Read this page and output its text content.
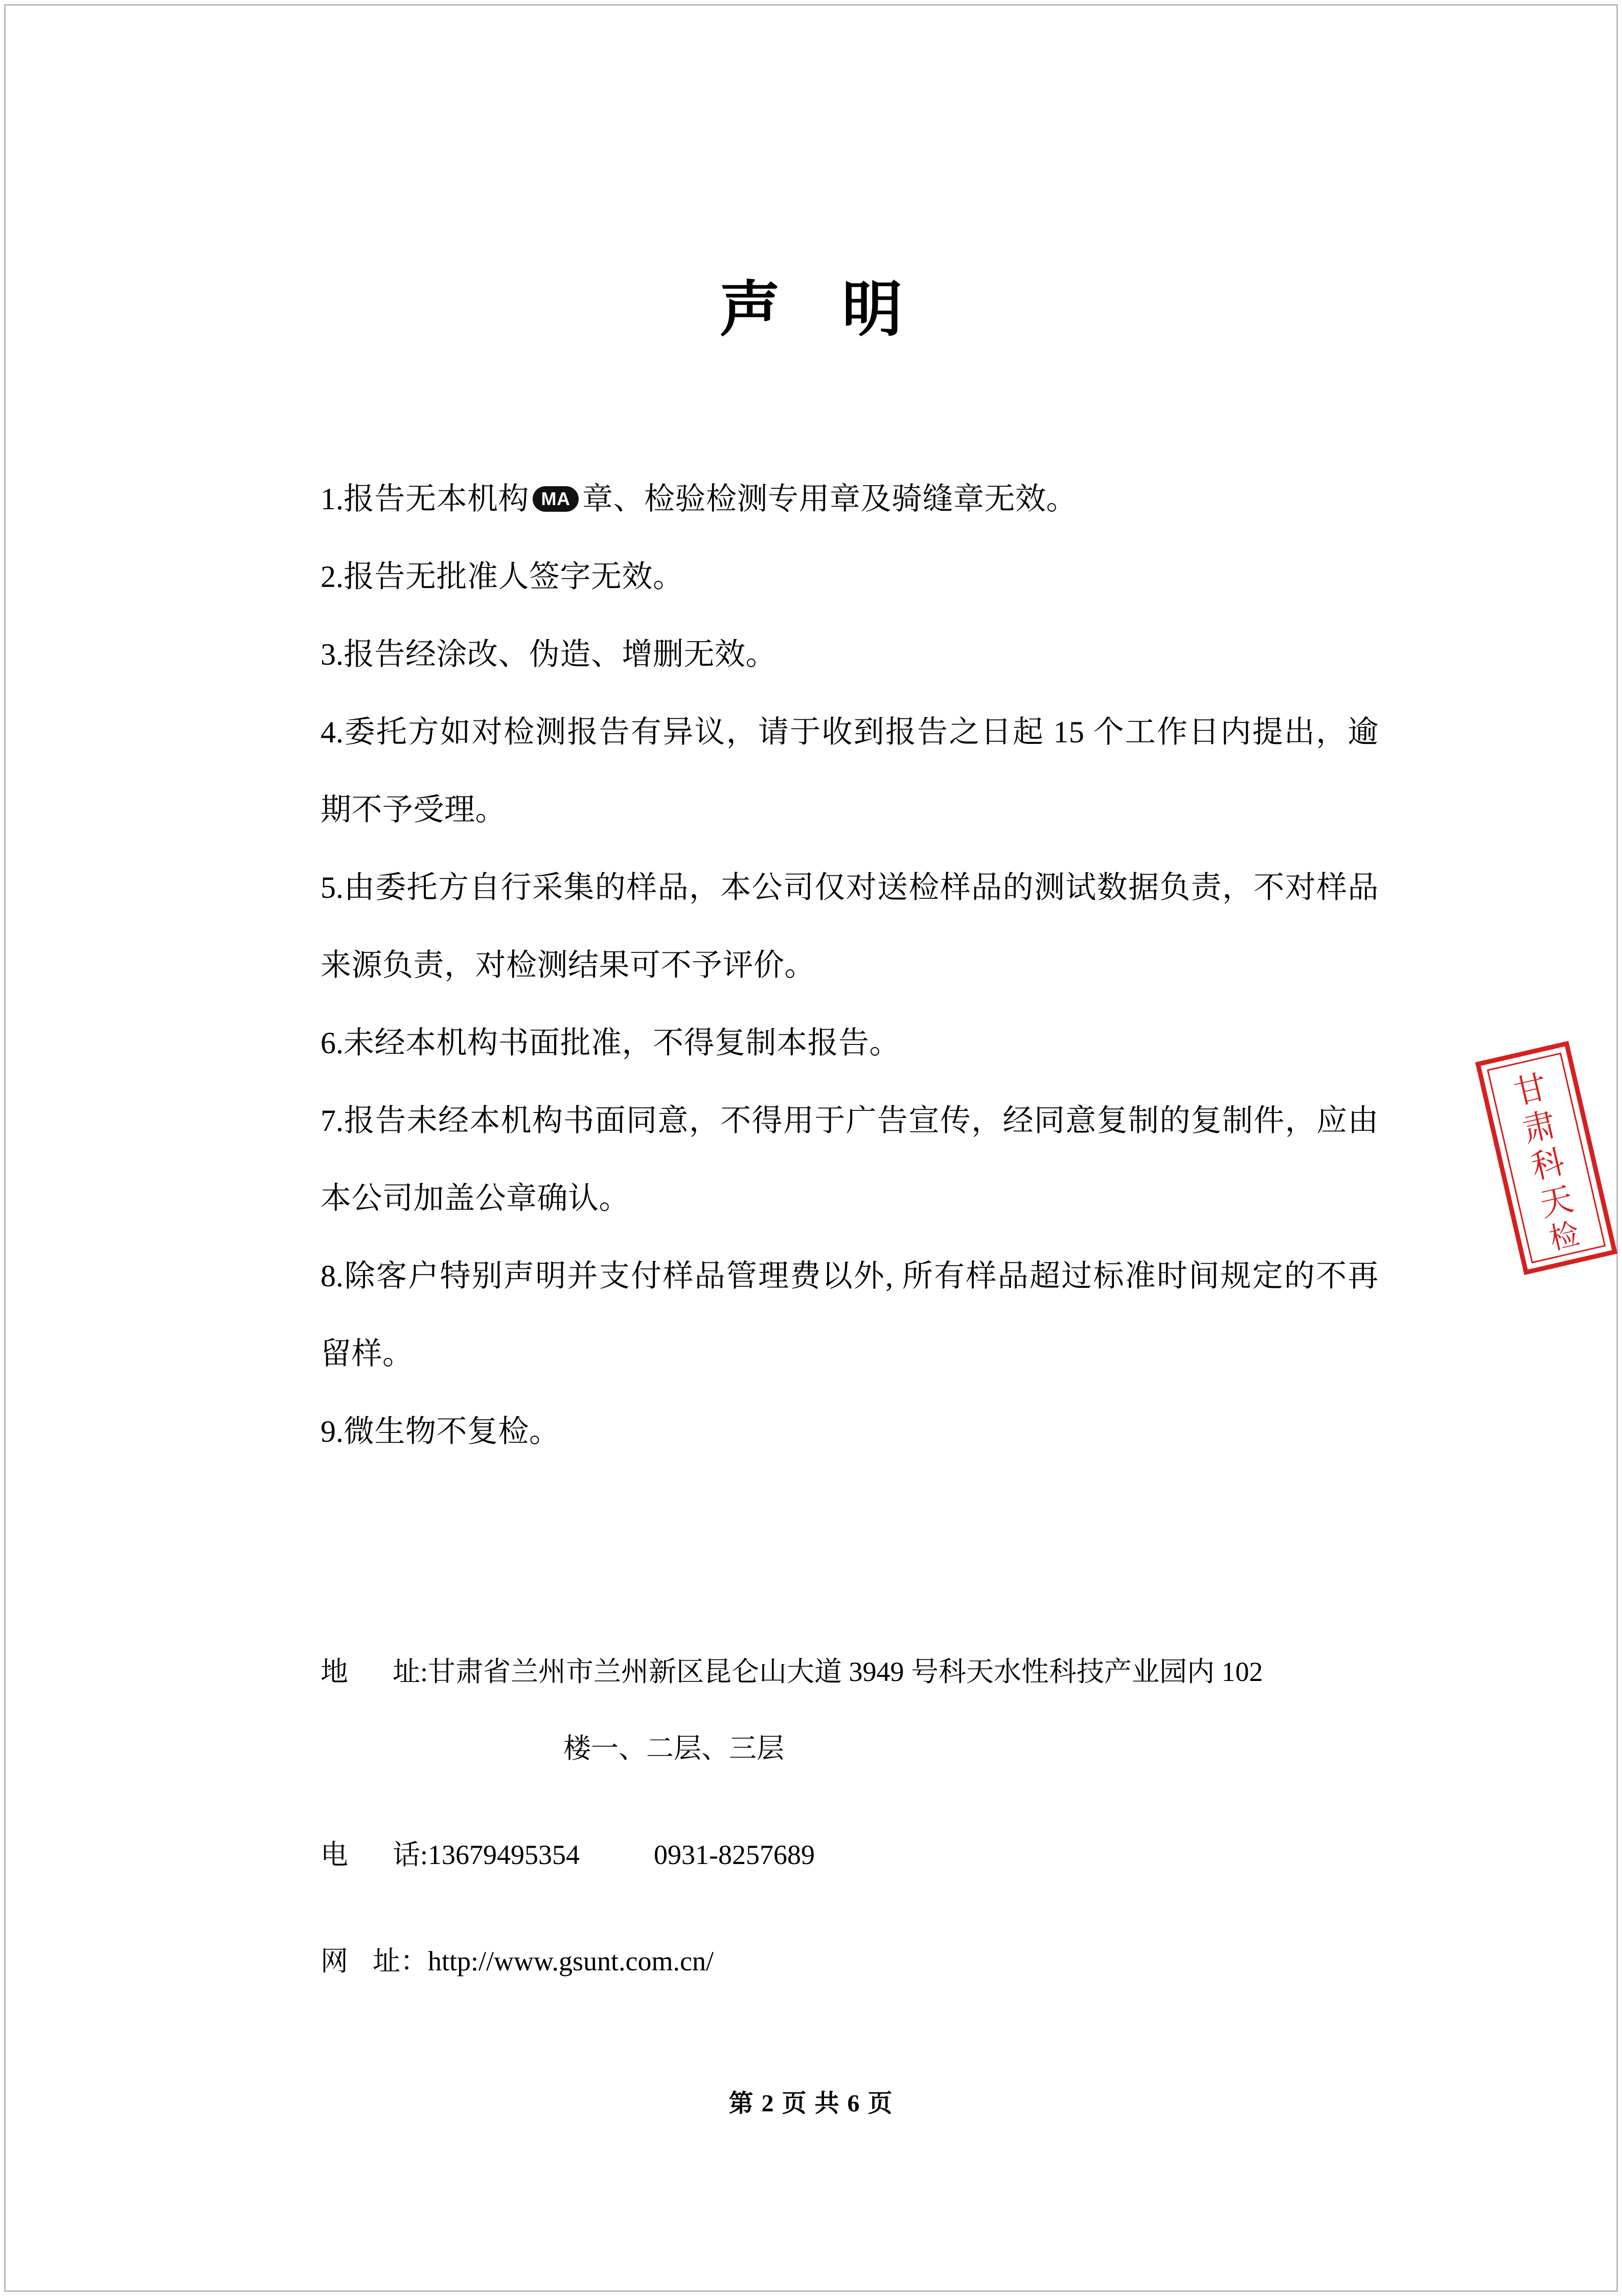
声 明
1.报告无本机构 MA 章、检验检测专用章及骑缝章无效。
2.报告无批准人签字无效。
3.报告经涂改、伪造、增删无效。
4.委托方如对检测报告有异议，请于收到报告之日起 15 个工作日内提出，逾期不予受理。
5.由委托方自行采集的样品，本公司仅对送检样品的测试数据负责，不对样品来源负责，对检测结果可不予评价。
6.未经本机构书面批准，不得复制本报告。
7.报告未经本机构书面同意，不得用于广告宣传，经同意复制的复制件，应由本公司加盖公章确认。
8.除客户特别声明并支付样品管理费以外, 所有样品超过标准时间规定的不再留样。
9.微生物不复检。
地 址: 甘肃省兰州市兰州新区昆仑山大道 3949 号科天水性科技产业园内 102
楼一、二层、三层
电 话: 13679495354	0931-8257689
网 址： http://www.gsunt.com.cn/
第 2 页 共 6 页
甘
肃
科
天
检
